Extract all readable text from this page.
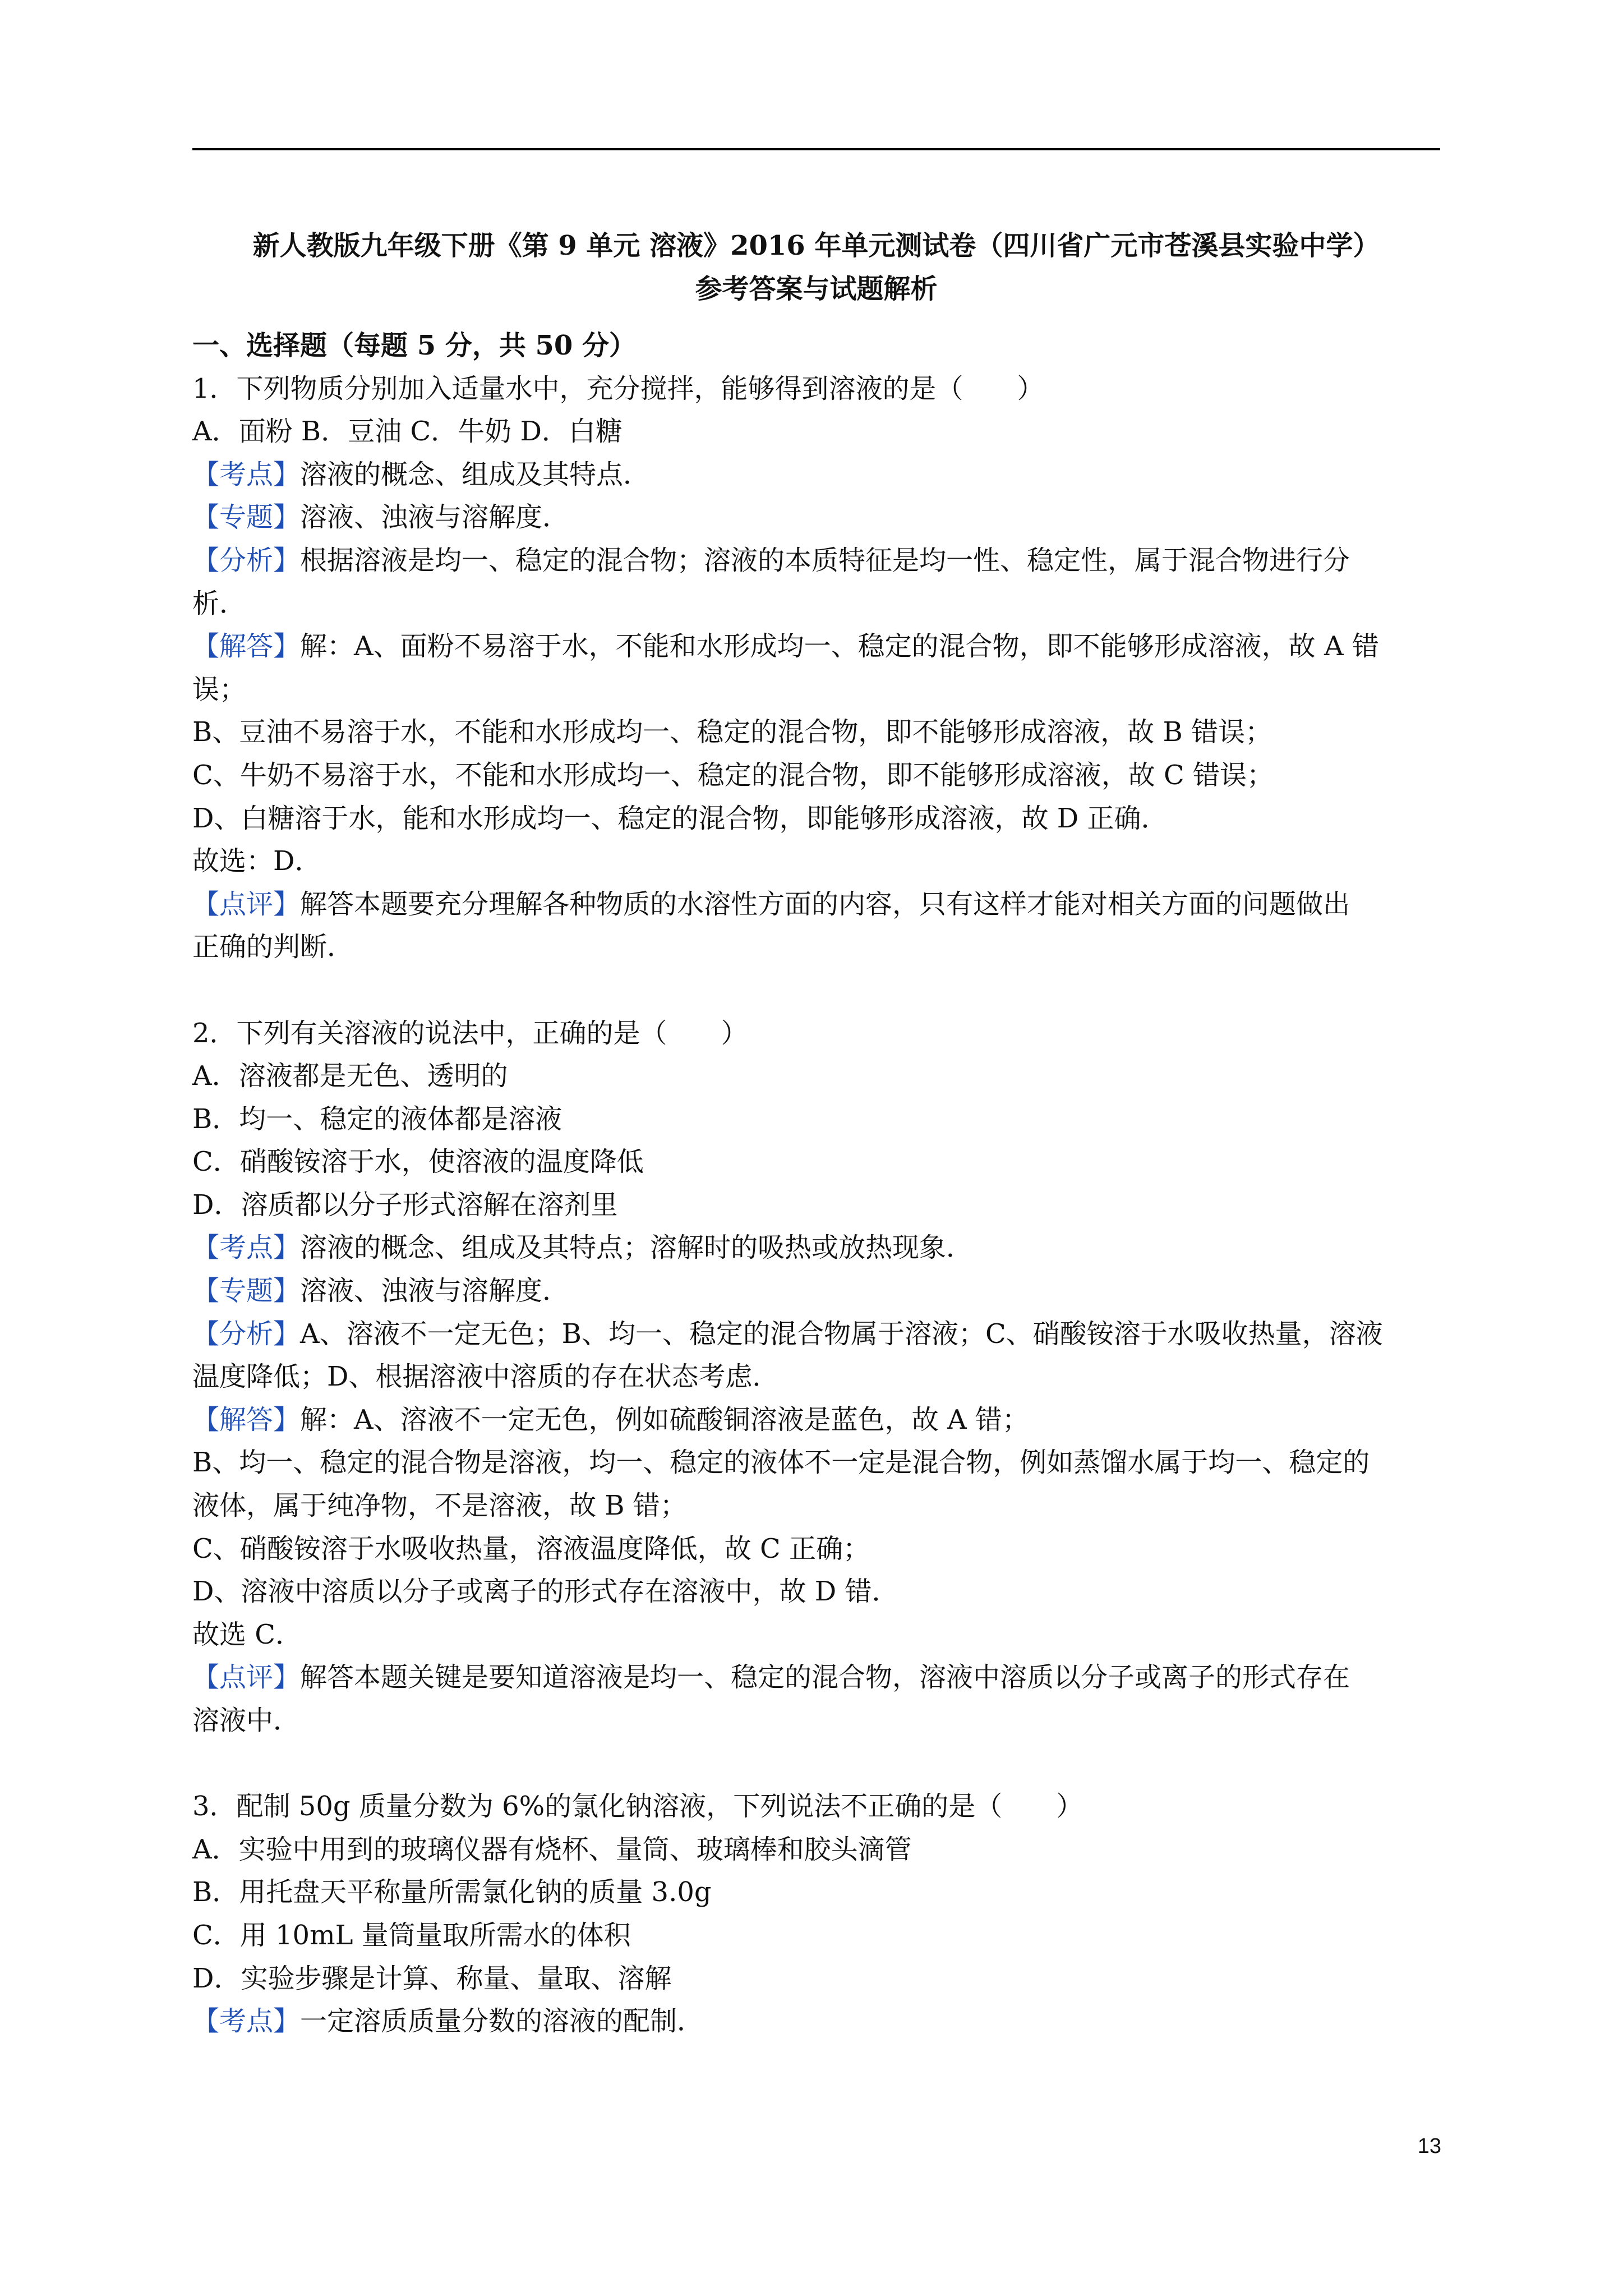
新人教版九年级下册《第 9 单元 溶液》2016 年单元测试卷（四川省广元市苍溪县实验中学）
参考答案与试题解析
一、选择题（每题 5 分，共 50 分）
1．下列物质分别加入适量水中，充分搅拌，能够得到溶液的是（　　）
A．面粉 B．豆油 C．牛奶 D．白糖
【考点】溶液的概念、组成及其特点．
【专题】溶液、浊液与溶解度．
【分析】根据溶液是均一、稳定的混合物；溶液的本质特征是均一性、稳定性，属于混合物进行分
析．
【解答】解：A、面粉不易溶于水，不能和水形成均一、稳定的混合物，即不能够形成溶液，故 A 错
误；
B、豆油不易溶于水，不能和水形成均一、稳定的混合物，即不能够形成溶液，故 B 错误；
C、牛奶不易溶于水，不能和水形成均一、稳定的混合物，即不能够形成溶液，故 C 错误；
D、白糖溶于水，能和水形成均一、稳定的混合物，即能够形成溶液，故 D 正确．
故选：D．
【点评】解答本题要充分理解各种物质的水溶性方面的内容，只有这样才能对相关方面的问题做出
正确的判断．
2．下列有关溶液的说法中，正确的是（　　）
A．溶液都是无色、透明的
B．均一、稳定的液体都是溶液
C．硝酸铵溶于水，使溶液的温度降低
D．溶质都以分子形式溶解在溶剂里
【考点】溶液的概念、组成及其特点；溶解时的吸热或放热现象．
【专题】溶液、浊液与溶解度．
【分析】A、溶液不一定无色；B、均一、稳定的混合物属于溶液；C、硝酸铵溶于水吸收热量，溶液
温度降低；D、根据溶液中溶质的存在状态考虑．
【解答】解：A、溶液不一定无色，例如硫酸铜溶液是蓝色，故 A 错；
B、均一、稳定的混合物是溶液，均一、稳定的液体不一定是混合物，例如蒸馏水属于均一、稳定的
液体，属于纯净物，不是溶液，故 B 错；
C、硝酸铵溶于水吸收热量，溶液温度降低，故 C 正确；
D、溶液中溶质以分子或离子的形式存在溶液中，故 D 错．
故选 C．
【点评】解答本题关键是要知道溶液是均一、稳定的混合物，溶液中溶质以分子或离子的形式存在
溶液中．
3．配制 50g 质量分数为 6%的氯化钠溶液，下列说法不正确的是（　　）
A．实验中用到的玻璃仪器有烧杯、量筒、玻璃棒和胶头滴管
B．用托盘天平称量所需氯化钠的质量 3.0g
C．用 10mL 量筒量取所需水的体积
D．实验步骤是计算、称量、量取、溶解
【考点】一定溶质质量分数的溶液的配制．
13
